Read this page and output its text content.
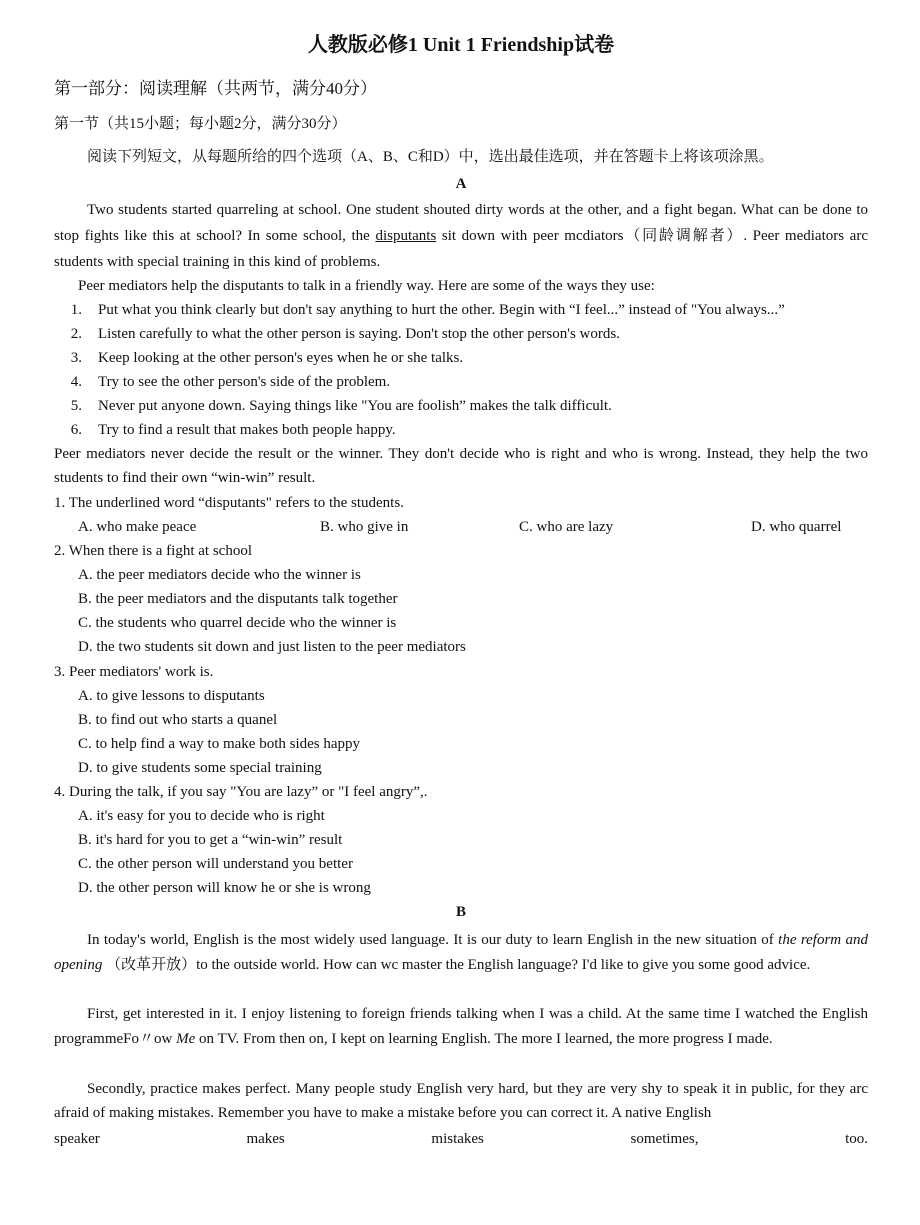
人教版必修1 Unit 1 Friendship试卷
第一部分：阅读理解（共两节，满分40分）
第一节（共15小题；每小题2分，满分30分）
阅读下列短文，从每题所给的四个选项（A、B、C和D）中，选出最佳选项，并在答题卡上将该项涂黑。
A
Two students started quarreling at school. One student shouted dirty words at the other, and a fight began. What can be done to stop fights like this at school? In some school, the disputants sit down with peer mcdiators（同龄调解者）. Peer mediators arc students with special training in this kind of problems.
Peer mediators help the disputants to talk in a friendly way. Here are some of the ways they use:
1. Put what you think clearly but don't say anything to hurt the other. Begin with “I feel...” instead of "You always...”
2. Listen carefully to what the other person is saying. Don't stop the other person's words.
3. Keep looking at the other person's eyes when he or she talks.
4. Try to see the other person's side of the problem.
5. Never put anyone down. Saying things like "You are foolish” makes the talk difficult.
6. Try to find a result that makes both people happy.
Peer mediators never decide the result or the winner. They don't decide who is right and who is wrong. Instead, they help the two students to find their own “win-win” result.
1. The underlined word “disputants" refers to the students.
A. who make peace	B. who give in	C. who are lazy	D. who quarrel
2. When there is a fight at school
A. the peer mediators decide who the winner is
B. the peer mediators and the disputants talk together
C. the students who quarrel decide who the winner is
D. the two students sit down and just listen to the peer mediators
3. Peer mediators' work is.
A. to give lessons to disputants
B. to find out who starts a quanel
C. to help find a way to make both sides happy
D. to give students some special training
4. During the talk, if you say "You are lazy” or "I feel angry”,.
A. it's easy for you to decide who is right
B. it's hard for you to get a “win-win” result
C. the other person will understand you better
D. the other person will know he or she is wrong
B
In today's world, English is the most widely used language. It is our duty to learn English in the new situation of the reform and opening （改革开放）to the outside world. How can wc master the English language? I'd like to give you some good advice.
First, get interested in it. I enjoy listening to foreign friends talking when I was a child. At the same time I watched the English programmeFo〃ow Me on TV. From then on, I kept on learning English. The more I learned, the more progress I made.
Secondly, practice makes perfect. Many people study English very hard, but they are very shy to speak it in public, for they arc afraid of making mistakes. Remember you have to make a mistake before you can correct it. A native English
speaker makes mistakes sometimes, too.
